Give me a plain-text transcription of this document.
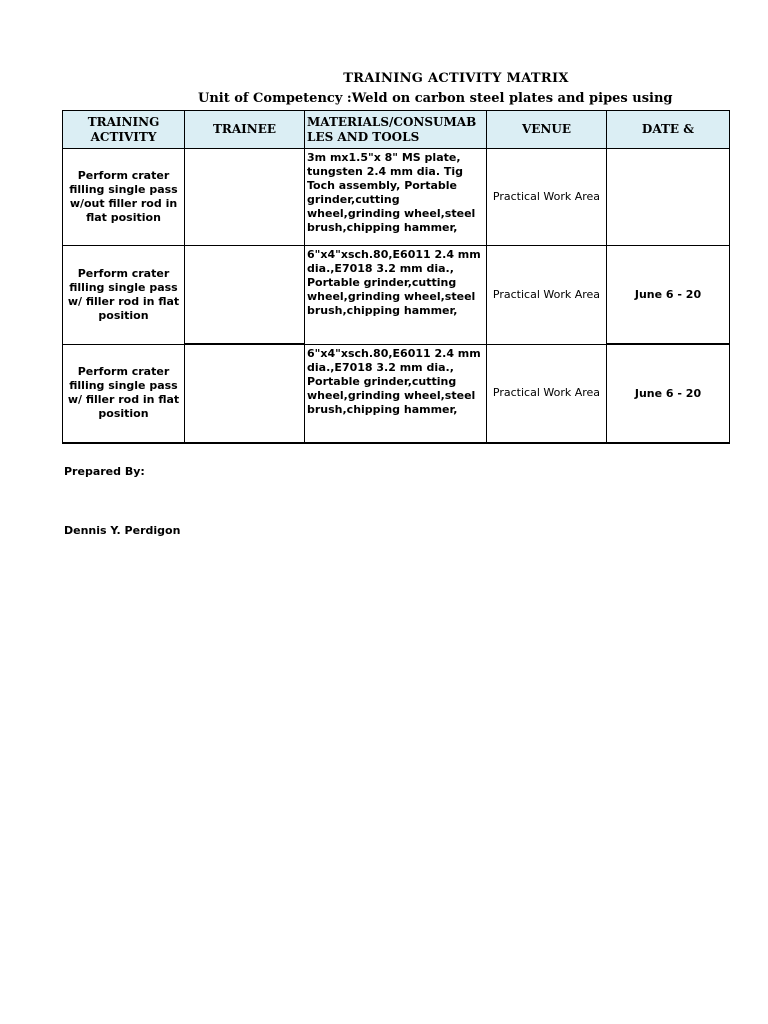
TRAINING ACTIVITY MATRIX
Unit of Competency :Weld on carbon steel plates and pipes using
TRAINING ACTIVITY	TRAINEE	MATERIALS/CONSUMAB LES AND TOOLS	VENUE	DATE &
Perform crater filling single pass w/out filler rod in flat position		3m mx1.5"x 8" MS plate, tungsten 2.4 mm dia. Tig Toch assembly, Portable grinder,cutting wheel,grinding wheel,steel brush,chipping hammer,	Practical Work Area	
Perform crater filling single pass w/ filler rod in flat position		6"x4"xsch.80,E6011 2.4 mm dia.,E7018 3.2 mm dia., Portable grinder,cutting wheel,grinding wheel,steel brush,chipping hammer,	Practical Work Area	June 6 - 20
Perform crater filling single pass w/ filler rod in flat position		6"x4"xsch.80,E6011 2.4 mm dia.,E7018 3.2 mm dia., Portable grinder,cutting wheel,grinding wheel,steel brush,chipping hammer,	Practical Work Area	June 6 - 20
Prepared By:
Dennis Y. Perdigon
